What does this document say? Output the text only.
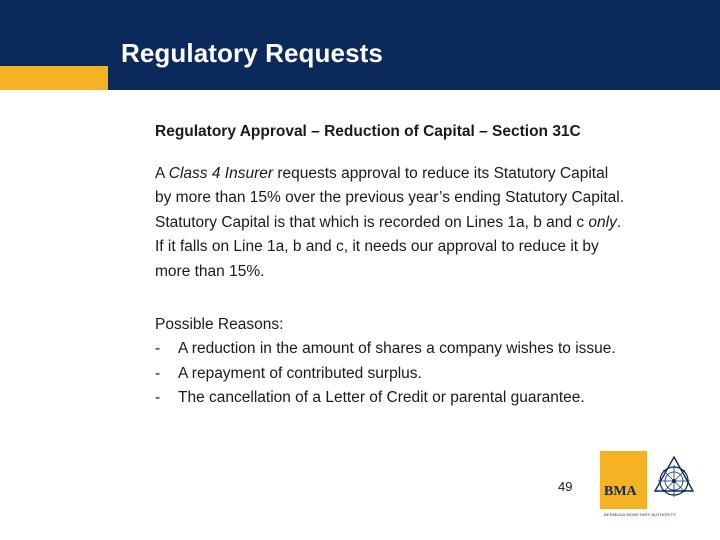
Regulatory Requests
Regulatory Approval – Reduction of Capital – Section 31C
A Class 4 Insurer requests approval to reduce its Statutory Capital
by more than 15% over the previous year’s ending Statutory Capital.
Statutory Capital is that which is recorded on Lines 1a, b and c only.
If it falls on Line 1a, b and c, it needs our approval to reduce it by
more than 15%.
Possible Reasons:
- A reduction in the amount of shares a company wishes to issue.
- A repayment of contributed surplus.
- The cancellation of a Letter of Credit or parental guarantee.
49 BMA
BERMUDA MONETARY AUTHORITY
